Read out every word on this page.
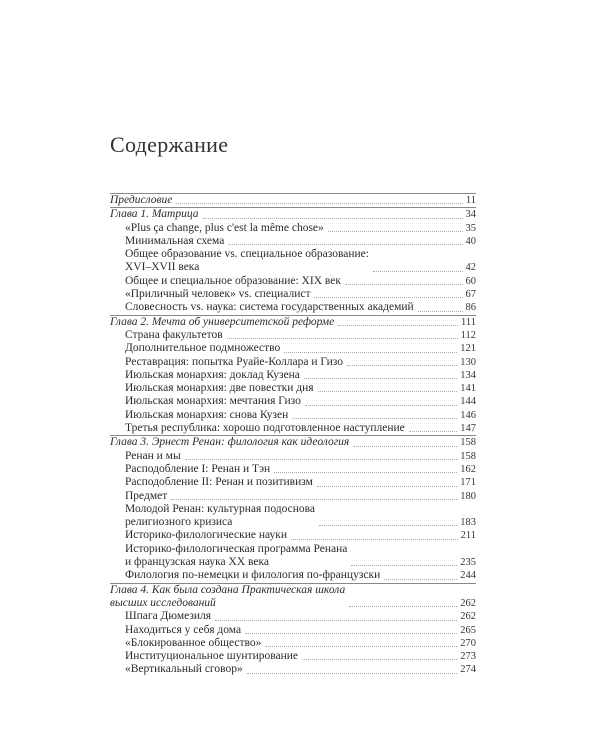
Содержание
Предисловие	11
Глава 1. Матрица	34
«Plus ça change, plus c'est la même chose»	35
Минимальная схема	40
Общее образование vs. специальное образование:
XVI–XVII века	42
Общее и специальное образование: XIX век	60
«Приличный человек» vs. специалист	67
Словесность vs. наука: система государственных академий	86
Глава 2. Мечта об университетской реформе	111
Страна факультетов	112
Дополнительное подмножество	121
Реставрация: попытка Руайе-Коллара и Гизо	130
Июльская монархия: доклад Кузена	134
Июльская монархия: две повестки дня	141
Июльская монархия: мечтания Гизо	144
Июльская монархия: снова Кузен	146
Третья республика: хорошо подготовленное наступление	147
Глава 3. Эрнест Ренан: филология как идеология	158
Ренан и мы	158
Расподобление I: Ренан и Тэн	162
Расподобление II: Ренан и позитивизм	171
Предмет	180
Молодой Ренан: культурная подоснова
религиозного кризиса	183
Историко-филологические науки	211
Историко-филологическая программа Ренана
и французская наука XX века	235
Филология по-немецки и филология по-французски	244
Глава 4. Как была создана Практическая школа
высших исследований	262
Шпага Дюмезиля	262
Находиться у себя дома	265
«Блокированное общество»	270
Институциональное шунтирование	273
«Вертикальный сговор»	274
